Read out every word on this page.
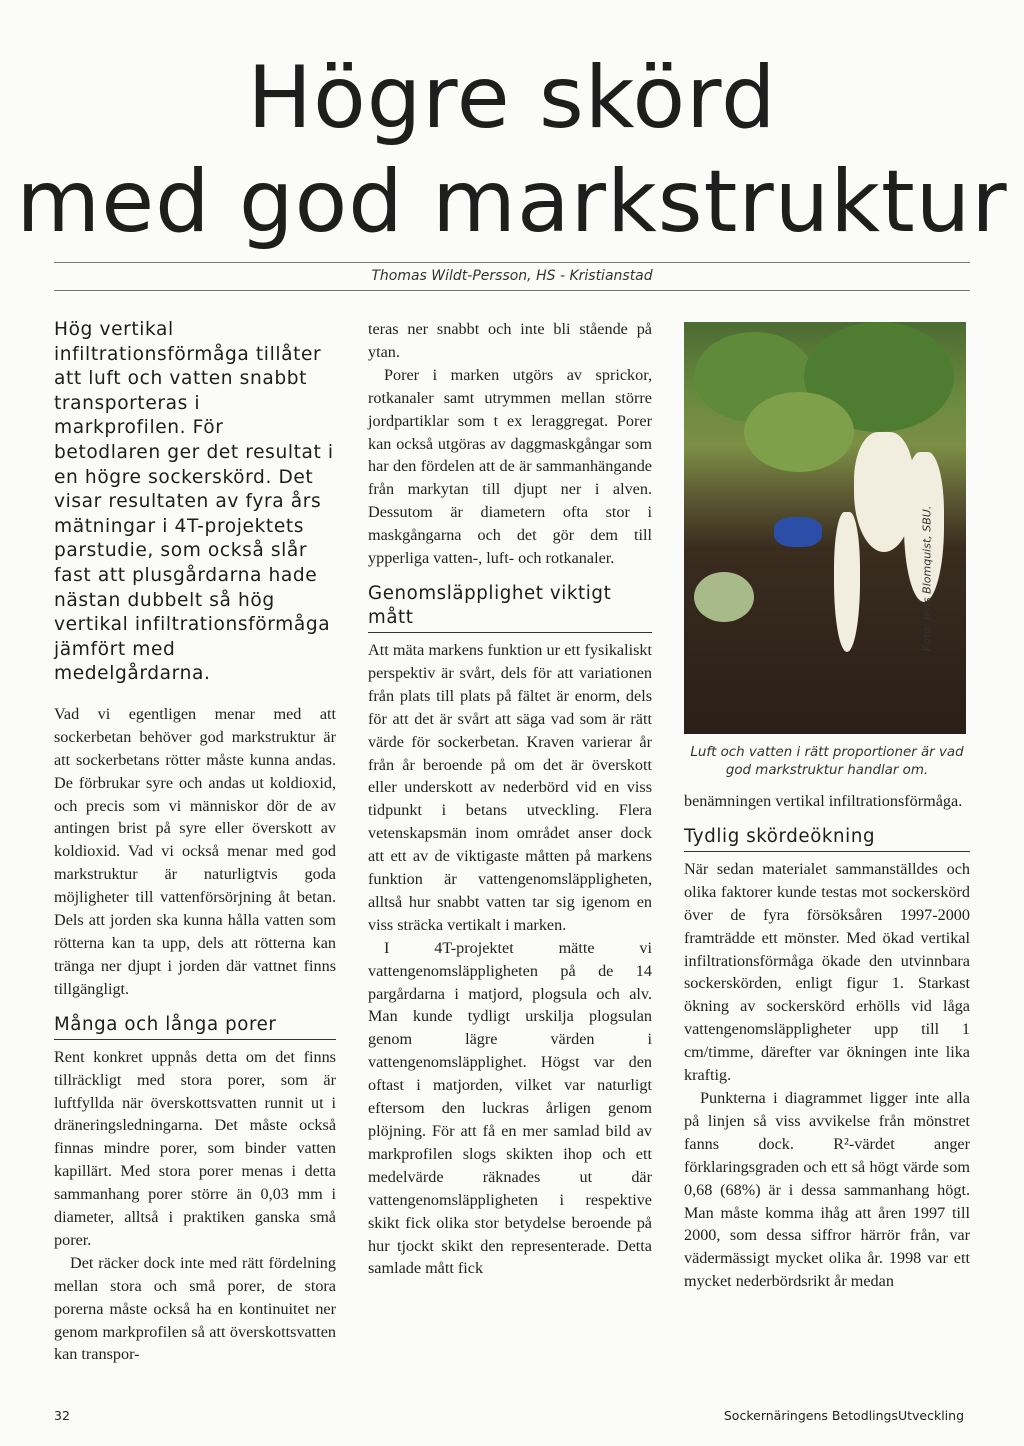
Högre skörd
med god markstruktur
Thomas Wildt-Persson, HS - Kristianstad

Hög vertikal infiltrationsförmåga tillåter att luft och vatten snabbt transporteras i markprofilen. För betodlaren ger det resultat i en högre sockerskörd. Det visar resultaten av fyra års mätningar i 4T-projektets parstudie, som också slår fast att plusgårdarna hade nästan dubbelt så hög vertikal infiltrationsförmåga jämfört med medelgårdarna.

Vad vi egentligen menar med att sockerbetan behöver god markstruktur är att sockerbetans rötter måste kunna andas. De förbrukar syre och andas ut koldioxid, och precis som vi människor dör de av antingen brist på syre eller överskott av koldioxid. Vad vi också menar med god markstruktur är naturligtvis goda möjligheter till vattenförsörjning åt betan. Dels att jorden ska kunna hålla vatten som rötterna kan ta upp, dels att rötterna kan tränga ner djupt i jorden där vattnet finns tillgängligt.

Många och långa porer

Rent konkret uppnås detta om det finns tillräckligt med stora porer, som är luftfyllda när överskottsvatten runnit ut i dräneringsledningarna. Det måste också finnas mindre porer, som binder vatten kapillärt. Med stora porer menas i detta sammanhang porer större än 0,03 mm i diameter, alltså i praktiken ganska små porer.

Det räcker dock inte med rätt fördelning mellan stora och små porer, de stora porerna måste också ha en kontinuitet ner genom markprofilen så att överskottsvatten kan transpor-

teras ner snabbt och inte bli stående på ytan.

Porer i marken utgörs av sprickor, rotkanaler samt utrymmen mellan större jordpartiklar som t ex leraggregat. Porer kan också utgöras av daggmaskgångar som har den fördelen att de är sammanhängande från markytan till djupt ner i alven. Dessutom är diametern ofta stor i maskgångarna och det gör dem till ypperliga vatten-, luft- och rotkanaler.

Genomsläpplighet viktigt mått

Att mäta markens funktion ur ett fysikaliskt perspektiv är svårt, dels för att variationen från plats till plats på fältet är enorm, dels för att det är svårt att säga vad som är rätt värde för sockerbetan. Kraven varierar år från år beroende på om det är överskott eller underskott av nederbörd vid en viss tidpunkt i betans utveckling. Flera vetenskapsmän inom området anser dock att ett av de viktigaste måtten på markens funktion är vattengenomsläppligheten, alltså hur snabbt vatten tar sig igenom en viss sträcka vertikalt i marken.

I 4T-projektet mätte vi vattengenomsläppligheten på de 14 pargårdarna i matjord, plogsula och alv. Man kunde tydligt urskilja plogsulan genom lägre värden i vattengenomsläpplighet. Högst var den oftast i matjorden, vilket var naturligt eftersom den luckras årligen genom plöjning. För att få en mer samlad bild av markprofilen slogs skikten ihop och ett medelvärde räknades ut där vattengenomsläppligheten i respektive skikt fick olika stor betydelse beroende på hur tjockt skikt den representerade. Detta samlade mått fick

Foto: Jens Blomquist, SBU.
Luft och vatten i rätt proportioner är vad god markstruktur handlar om.

benämningen vertikal infiltrationsförmåga.

Tydlig skördeökning

När sedan materialet sammanställdes och olika faktorer kunde testas mot sockerskörd över de fyra försöksåren 1997-2000 framträdde ett mönster. Med ökad vertikal infiltrationsförmåga ökade den utvinnbara sockerskörden, enligt figur 1. Starkast ökning av sockerskörd erhölls vid låga vattengenomsläppligheter upp till 1 cm/timme, därefter var ökningen inte lika kraftig.

Punkterna i diagrammet ligger inte alla på linjen så viss avvikelse från mönstret fanns dock. R²-värdet anger förklaringsgraden och ett så högt värde som 0,68 (68%) är i dessa sammanhang högt. Man måste komma ihåg att åren 1997 till 2000, som dessa siffror härrör från, var vädermässigt mycket olika år. 1998 var ett mycket nederbördsrikt år medan

32	Sockernäringens BetodlingsUtveckling
